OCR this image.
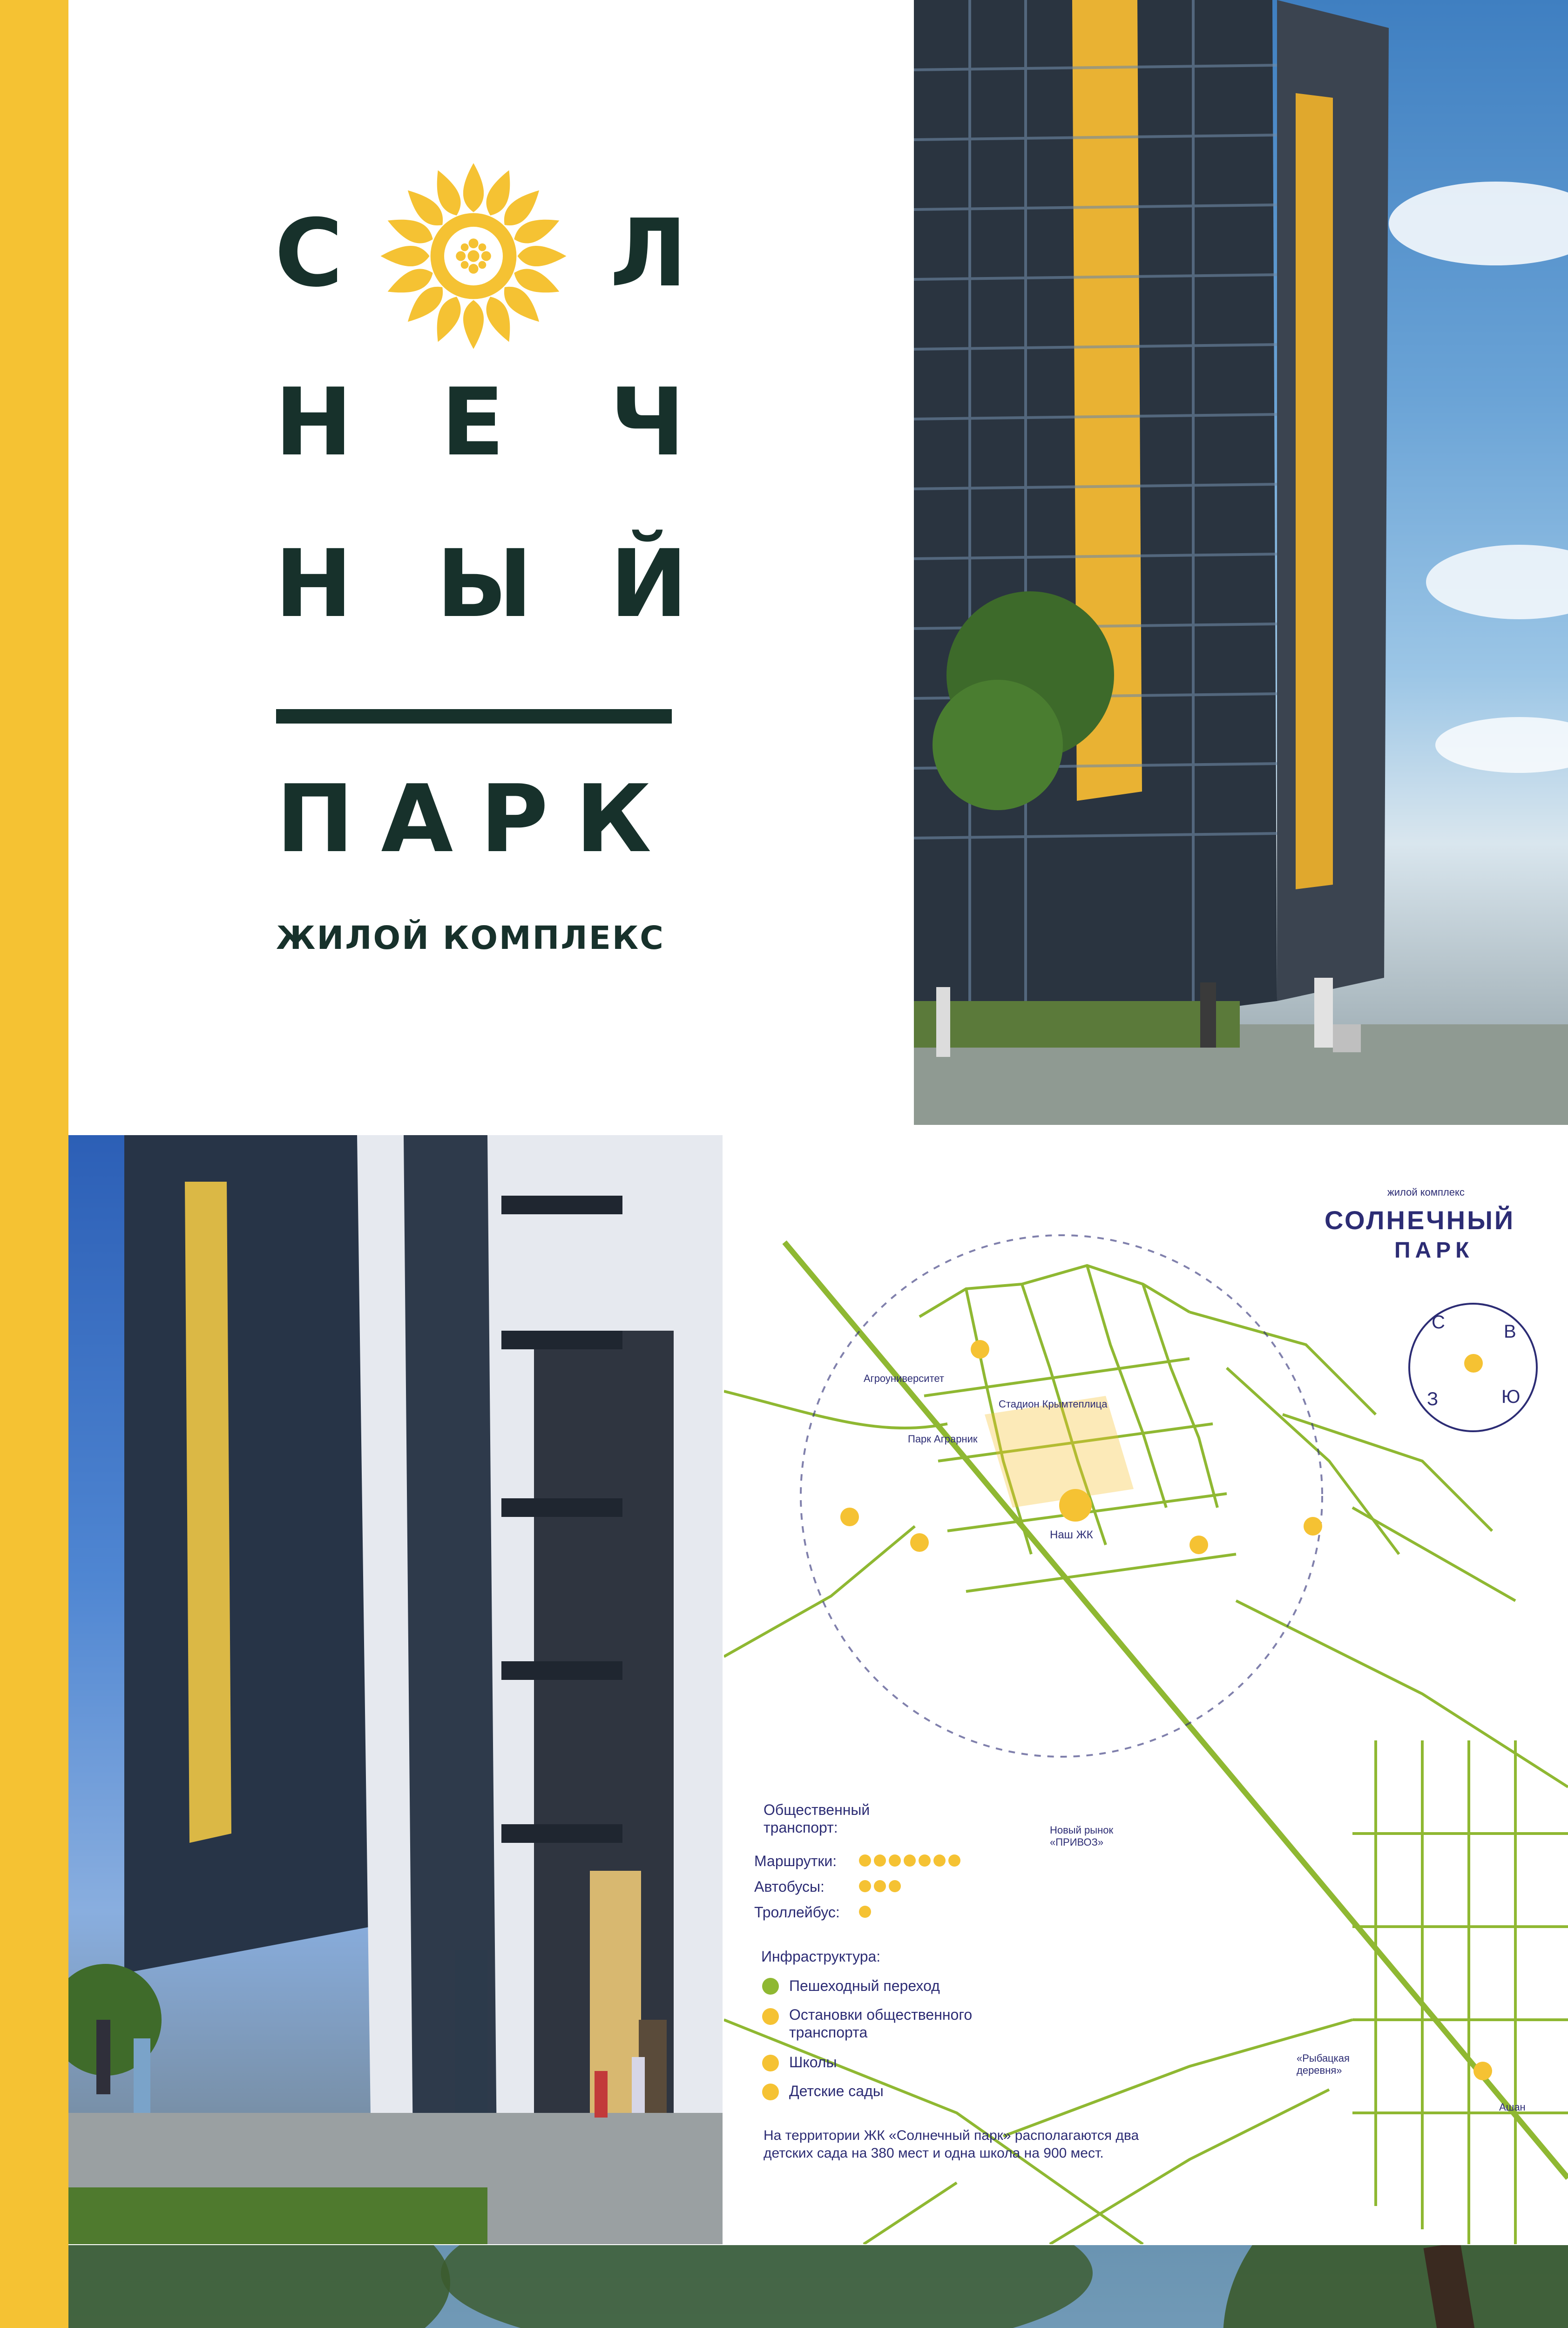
С	Л
Н Е Ч
Н Ы Й
ПАРК
ЖИЛОЙ КОМПЛЕКС
жилой комплекс
СОЛНЕЧНЫЙ
ПАРК
С	В
Ю
З
Агроуниверситет
Стадион Крымтеплица
Парк Аграрник
Наш ЖК
Новый рынок «ПРИВОЗ»
«Рыбацкая деревня»
Ашан
Общественный транспорт:
Маршрутки:
Автобусы:
Троллейбус:
Инфраструктура:
Пешеходный переход
Остановки общественного транспорта
Школы
Детские сады
На территории ЖК «Солнечный парк» располагаются два детских сада на 380 мест и одна школа на 900 мест.
